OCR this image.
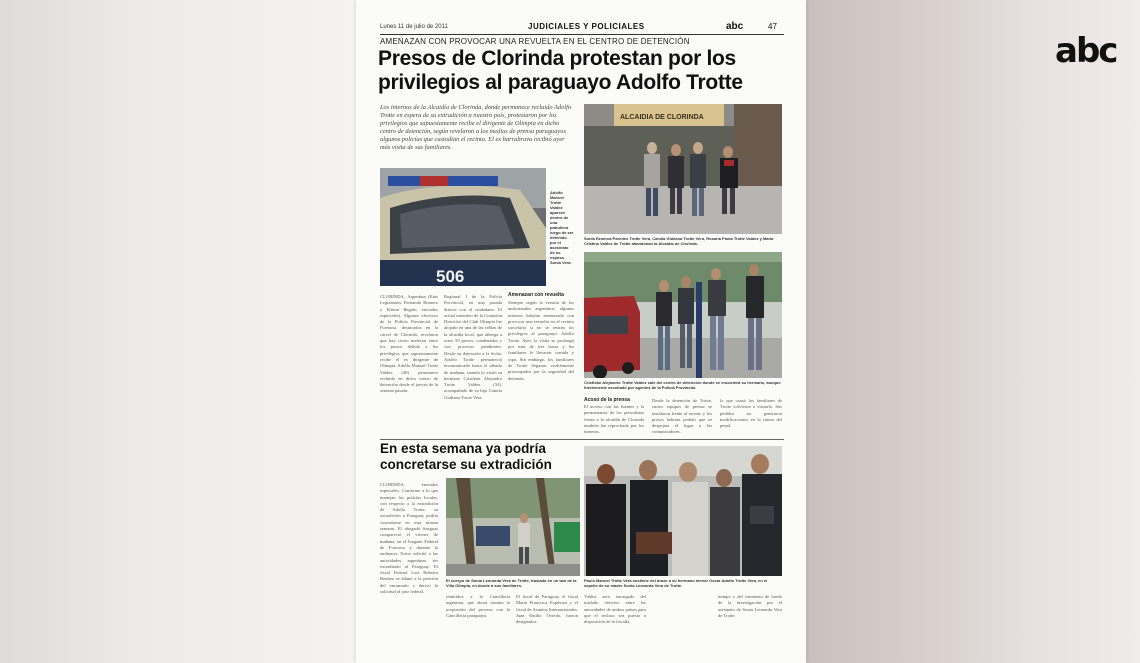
abc
Lunes 11 de julio de 2011	JUDICIALES Y POLICIALES	abc	47
AMENAZAN CON PROVOCAR UNA REVUELTA EN EL CENTRO DE DETENCIÓN
Presos de Clorinda protestan por los privilegios al paraguayo Adolfo Trotte
Los internos de la Alcaidía de Clorinda, donde permanece recluido Adolfo Trotte en espera de su extradición a nuestro país, protestaron por los privilegios que supuestamente recibe el dirigente de Olimpia en dicho centro de detención, según revelaron a los medios de prensa paraguayos algunos policías que custodian el recinto. El ex barrabrava recibió ayer más visita de sus familiares.
506
Adolfo Manuel Trotte Valdez aparece dentro de una patrullera luego de ser detenido por el asesinato de su esposa Sonia Vera.
ALCAIDIA DE CLORINDA
Sonia Ezmirna Paredes Trotte Vera, Camila Giuliana Trotte Vera, Rosaria Paola Trotte Valdez y María Cristina Valdez de Trotte abandonan la Alcaidía de Clorinda.
Cristhian Alejandro Trotte Valdez sale del centro de detención donde se encuentra su hermano, aunque fuertemente escoltado por agentes de la Policía Provincial.
CLORINDA, Argentina (Enis Legizamón, Fernando Romero y Edison Regalo, enviados especiales). Algunos efectivos de la Policía Provincial de Formosa, destacados en la cárcel de Clorinda, revelaron que hay cierto malestar entre los presos debido a los privilegios que supuestamente recibe el ex dirigente de Olimpia. Adolfo Manuel Trotte Valdez (48) permanece recluido en dicho centro de detención desde el jueves de la semana pasada.
Regional I de la Policía Provincial, en una pasada directa con el ciudadano. El actual miembro de la Comisión Directiva del Club Olimpia fue alojado en una de las celdas de la alcaidía local, que alberga a otros 50 presos, condenados y con procesos pendientes. Desde su detención a la fecha, Adolfo Trotte permaneció incomunicado hasta el sábado de mañana, cuando lo visitó su hermano Cristhian Alejandro Trotte Valdez (34), acompañado de su hija Camila Giuliana Trotte Vera.
Amenazan con revuelta
Siempre según la versión de los uniformados argentinos, algunos internos habrían amenazado con provocar una revuelta en el recinto carcelario si no se retiran los privilegios al paraguayo Adolfo Trotte. Ayer, la visita se prolongó por más de tres horas y los familiares le llevaron comida y ropa. Sin embargo, los familiares de Trotte llegaron visiblemente preocupados por la seguridad del detenido.
Acoso de la prensa
El acceso con las fuentes y la permanencia de los periodistas frente a la alcaidía de Clorinda también fue reprochado por los internos.
Desde la detención de Trotte, varios equipos de prensa se instalaron frente al recinto y los presos habrían pedido que se despejara el lugar a los comunicadores.
lo que causó los familiares de Trotte volvieron a visitarlo. Sus pedidos no generaron modificaciones en la rutina del penal.
En esta semana ya podría concretarse su extradición
CLORINDA, enviados especiales. Conforme a lo que manejan los policías locales, con respecto a la extradición de Adolfo Trotte, su extradición a Paraguay podría concretarse en esta misma semana. El abogado Saaguas compareció el viernes de mañana, en el Juzgado Federal de Formosa y durante la audiencia Trotte solicitó a las autoridades argentinas ser extraditado al Paraguay. El fiscal Federal Luis Roberto Benítez se allanó a la petición del encausado y derivó la solicitud al juez federal.
El cuerpo de Sonia Leonarda Vera de Trotte, traslado en un taxi de la Villa Olimpia, en donde a sus familiares.
Paulo Manuel Trotte Vera sostiene del brazo a su hermano menor Oscar Adolfo Trotte Vera, en el sepelio de su madre Sonia Leonarda Vera de Trotte.
remitidos a la Cancillería argentina, que ahora tramita la aceptación del proceso con la Cancillería paraguaya.
El fiscal de Paraguay, el fiscal María Francisca Espinoza y el fiscal de Asuntos Internacionales, Juan Emilio Oviedo, fueron designados.
Valdez será encargado del traslado efectivo entre las autoridades de ambos países para que el recluso sea puesto a disposición de la fiscalía.
tiempo y del comienzo de fondo de la investigación por el asesinato de Sonia Leonarda Vera de Trotte.
